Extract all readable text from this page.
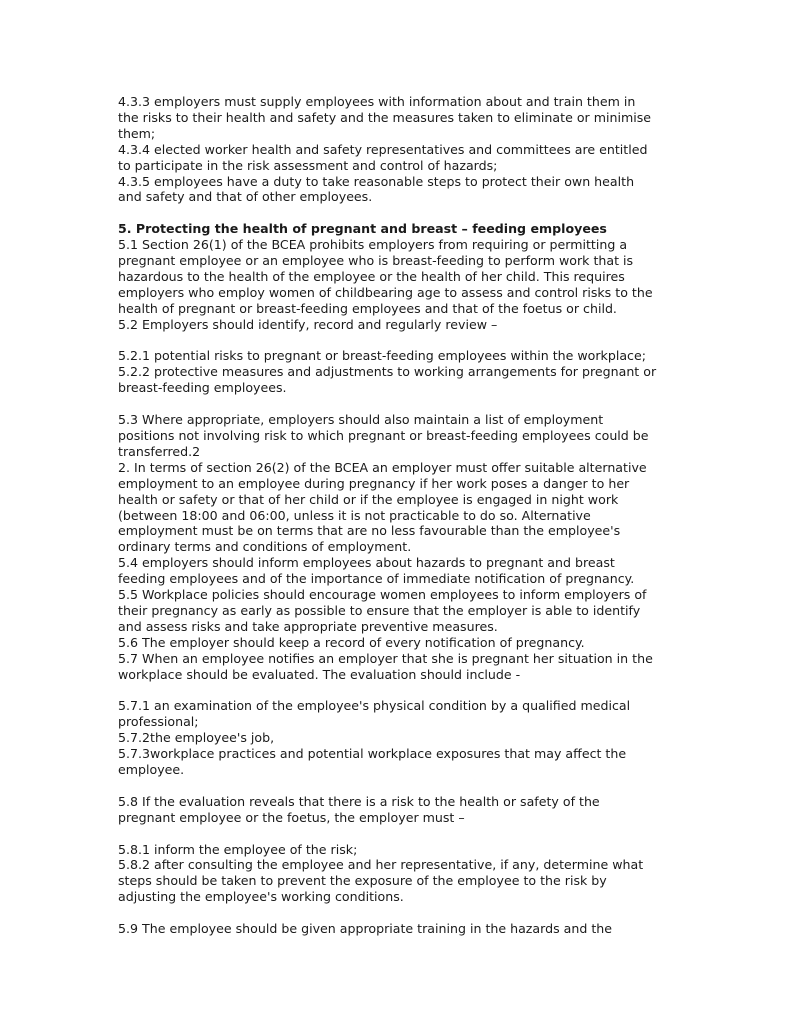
4.3.3 employers must supply employees with information about and train them in
the risks to their health and safety and the measures taken to eliminate or minimise
them;
4.3.4 elected worker health and safety representatives and committees are entitled
to participate in the risk assessment and control of hazards;
4.3.5 employees have a duty to take reasonable steps to protect their own health
and safety and that of other employees.
5. Protecting the health of pregnant and breast – feeding employees
5.1 Section 26(1) of the BCEA prohibits employers from requiring or permitting a
pregnant employee or an employee who is breast-feeding to perform work that is
hazardous to the health of the employee or the health of her child. This requires
employers who employ women of childbearing age to assess and control risks to the
health of pregnant or breast-feeding employees and that of the foetus or child.
5.2 Employers should identify, record and regularly review –
5.2.1 potential risks to pregnant or breast-feeding employees within the workplace;
5.2.2 protective measures and adjustments to working arrangements for pregnant or
breast-feeding employees.
5.3 Where appropriate, employers should also maintain a list of employment
positions not involving risk to which pregnant or breast-feeding employees could be
transferred.2
2. In terms of section 26(2) of the BCEA an employer must offer suitable alternative
employment to an employee during pregnancy if her work poses a danger to her
health or safety or that of her child or if the employee is engaged in night work
(between 18:00 and 06:00, unless it is not practicable to do so. Alternative
employment must be on terms that are no less favourable than the employee's
ordinary terms and conditions of employment.
5.4 employers should inform employees about hazards to pregnant and breast
feeding employees and of the importance of immediate notification of pregnancy.
5.5 Workplace policies should encourage women employees to inform employers of
their pregnancy as early as possible to ensure that the employer is able to identify
and assess risks and take appropriate preventive measures.
5.6 The employer should keep a record of every notification of pregnancy.
5.7 When an employee notifies an employer that she is pregnant her situation in the
workplace should be evaluated. The evaluation should include -
5.7.1 an examination of the employee's physical condition by a qualified medical
professional;
5.7.2the employee's job,
5.7.3workplace practices and potential workplace exposures that may affect the
employee.
5.8 If the evaluation reveals that there is a risk to the health or safety of the
pregnant employee or the foetus, the employer must –
5.8.1 inform the employee of the risk;
5.8.2 after consulting the employee and her representative, if any, determine what
steps should be taken to prevent the exposure of the employee to the risk by
adjusting the employee's working conditions.
5.9 The employee should be given appropriate training in the hazards and the
